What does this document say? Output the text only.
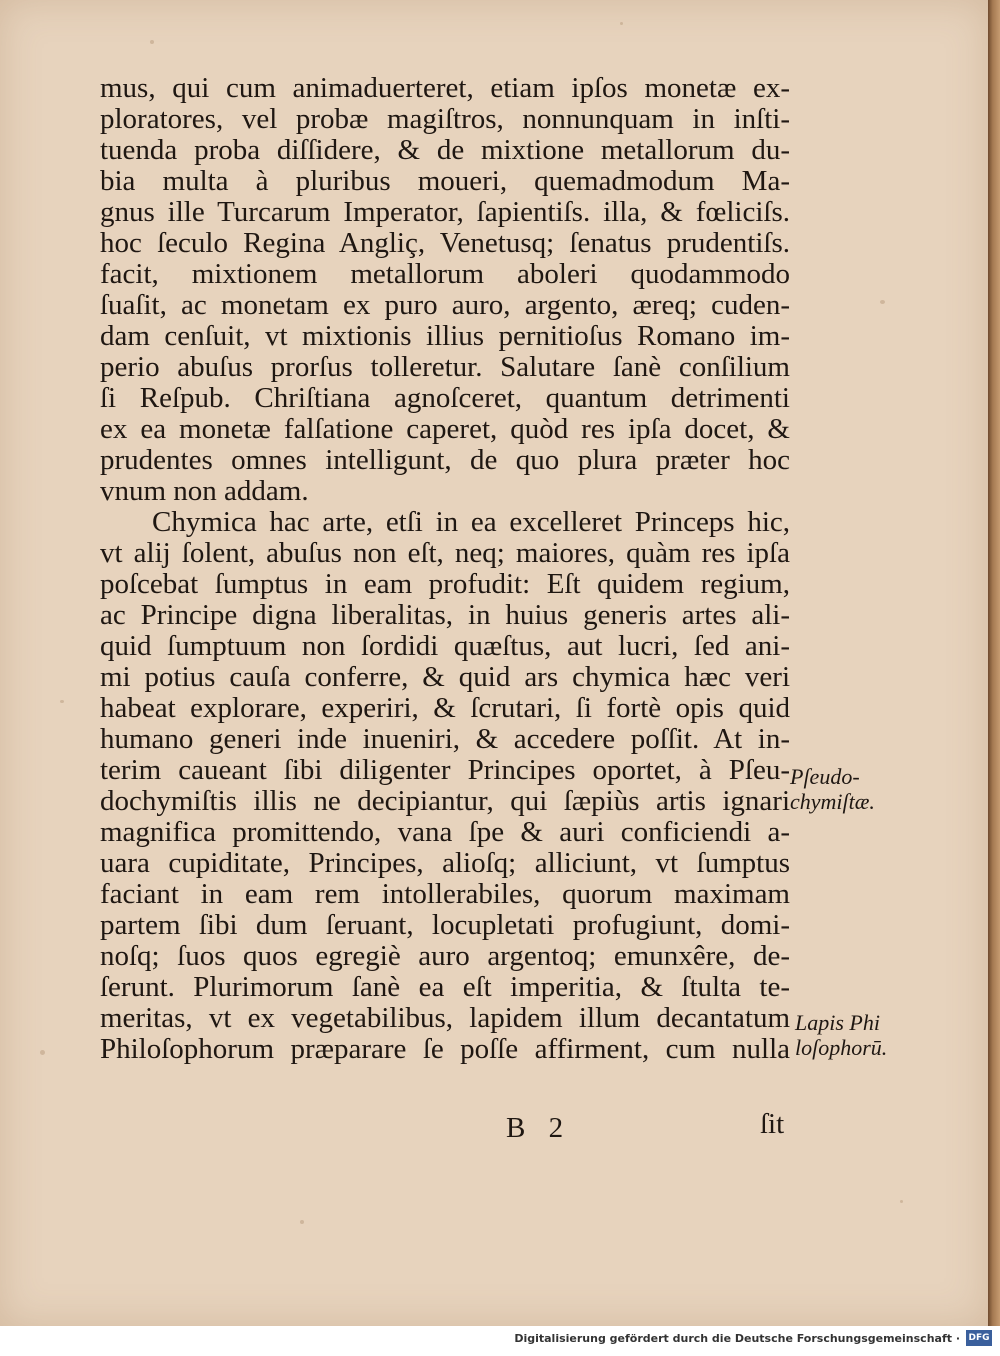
mus, qui cum animaduerteret, etiam ipſos monetæ ex-
ploratores, vel probæ magiſtros, nonnunquam in inſti-
tuenda proba diſſidere, & de mixtione metallorum du-
bia multa à pluribus moueri, quemadmodum Ma-
gnus ille Turcarum Imperator, ſapientiſs. illa, & fœliciſs.
hoc ſeculo Regina Angliç, Venetusq; ſenatus prudentiſs.
facit, mixtionem metallorum aboleri quodammodo
ſuaſit, ac monetam ex puro auro, argento, æreq; cuden-
dam cenſuit, vt mixtionis illius pernitioſus Romano im-
perio abuſus prorſus tolleretur. Salutare ſanè conſilium
ſi Reſpub. Chriſtiana agnoſceret, quantum detrimenti
ex ea monetæ falſatione caperet, quòd res ipſa docet, &
prudentes omnes intelligunt, de quo plura præter hoc
vnum non addam.
Chymica hac arte, etſi in ea excelleret Princeps hic,
vt alij ſolent, abuſus non eſt, neq; maiores, quàm res ipſa
poſcebat ſumptus in eam profudit: Eſt quidem regium,
ac Principe digna liberalitas, in huius generis artes ali-
quid ſumptuum non ſordidi quæſtus, aut lucri, ſed ani-
mi potius cauſa conferre, & quid ars chymica hæc veri
habeat explorare, experiri, & ſcrutari, ſi fortè opis quid
humano generi inde inueniri, & accedere poſſit. At in-
terim caueant ſibi diligenter Principes oportet, à Pſeu-
dochymiſtis illis ne decipiantur, qui ſæpiùs artis ignari
magnifica promittendo, vana ſpe & auri conficiendi a-
uara cupiditate, Principes, alioſq; alliciunt, vt ſumptus
faciant in eam rem intollerabiles, quorum maximam
partem ſibi dum ſeruant, locupletati profugiunt, domi-
noſq; ſuos quos egregiè auro argentoq; emunxêre, de-
ſerunt. Plurimorum ſanè ea eſt imperitia, & ſtulta te-
meritas, vt ex vegetabilibus, lapidem illum decantatum
Philoſophorum præparare ſe poſſe affirment, cum nulla
Pſeudo-
chymiſtæ.
Lapis Phi
loſophorū.
B 2	ſit
Digitalisierung gefördert durch die Deutsche Forschungsgemeinschaft · DFG
